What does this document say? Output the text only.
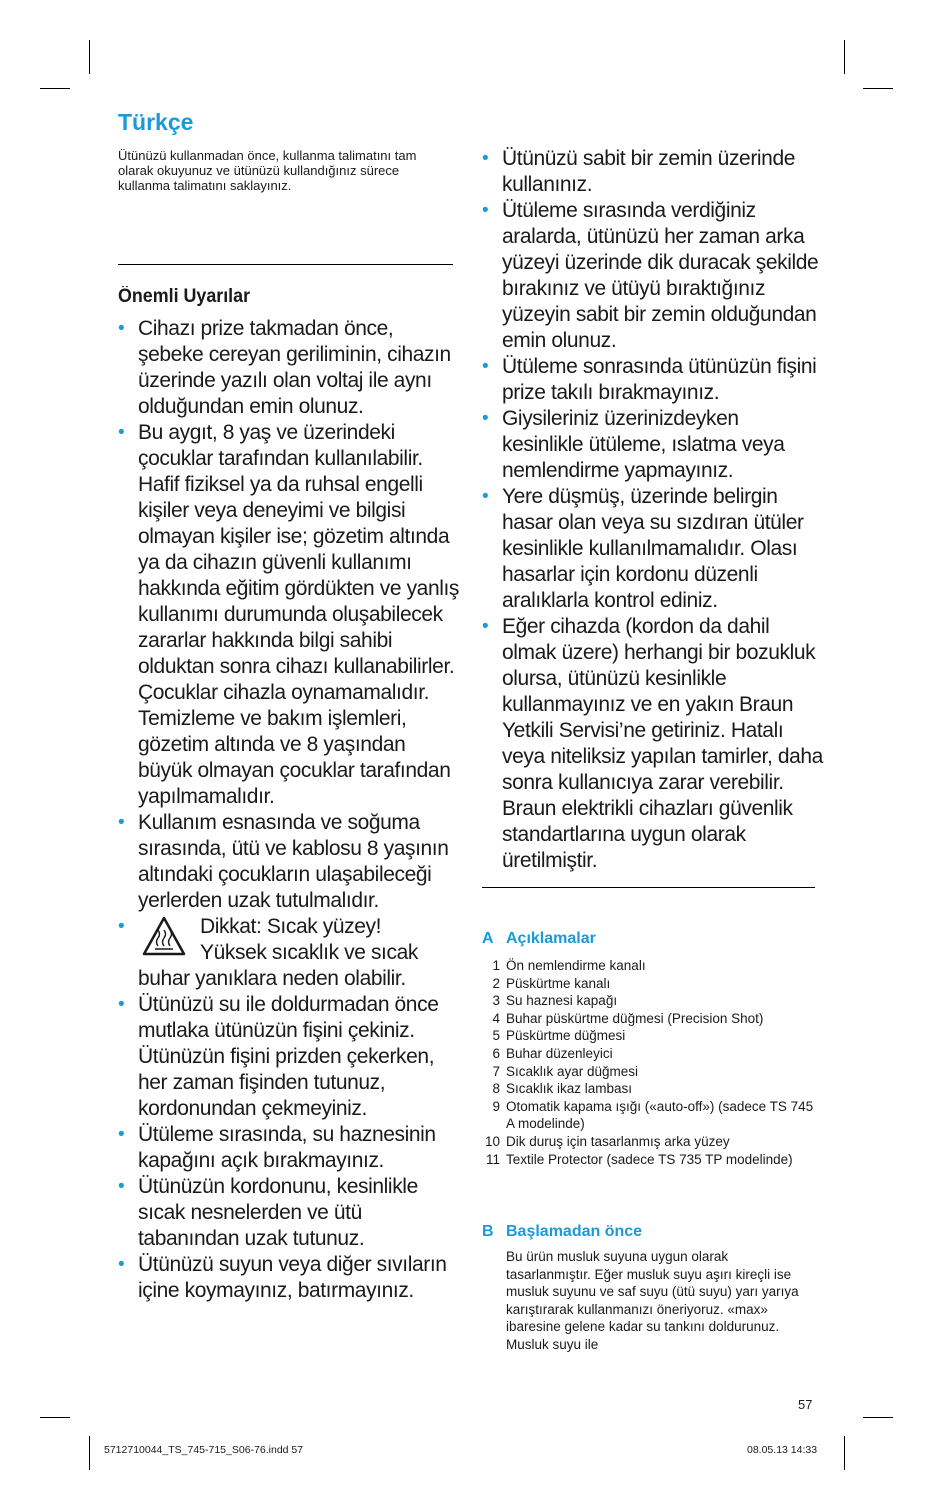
Türkçe

Ütünüzü kullanmadan önce, kullanma talimatını tam olarak okuyunuz ve ütünüzü kullandığınız sürece kullanma talimatını saklayınız.

Önemli Uyarılar
• Cihazı prize takmadan önce, şebeke cereyan geriliminin, cihazın üzerinde yazılı olan voltaj ile aynı olduğundan emin olunuz.
• Bu aygıt, 8 yaş ve üzerindeki çocuklar tarafından kullanılabilir. Hafif fiziksel ya da ruhsal engelli kişiler veya deneyimi ve bilgisi olmayan kişiler ise; gözetim altında ya da cihazın güvenli kullanımı hakkında eğitim gördükten ve yanlış kullanımı durumunda oluşabilecek zararlar hakkında bilgi sahibi olduktan sonra cihazı kullanabilirler. Çocuklar cihazla oynamamalıdır. Temizleme ve bakım işlemleri, gözetim altında ve 8 yaşından büyük olmayan çocuklar tarafından yapılmamalıdır.
• Kullanım esnasında ve soğuma sırasında, ütü ve kablosu 8 yaşının altındaki çocukların ulaşabileceği yerlerden uzak tutulmalıdır.
•	Dikkat: Sıcak yüzey!
Yüksek sıcaklık ve sıcak
buhar yanıklara neden olabilir.
• Ütünüzü su ile doldurmadan önce mutlaka ütünüzün fişini çekiniz. Ütünüzün fişini prizden çekerken, her zaman fişinden tutunuz, kordonundan çekmeyiniz.
• Ütüleme sırasında, su haznesinin kapağını açık bırakmayınız.
• Ütünüzün kordonunu, kesinlikle sıcak nesnelerden ve ütü tabanından uzak tutunuz.
• Ütünüzü suyun veya diğer sıvıların içine koymayınız, batırmayınız.
• Ütünüzü sabit bir zemin üzerinde kullanınız.
• Ütüleme sırasında verdiğiniz aralarda, ütünüzü her zaman arka yüzeyi üzerinde dik duracak şekilde bırakınız ve ütüyü bıraktığınız yüzeyin sabit bir zemin olduğundan emin olunuz.
• Ütüleme sonrasında ütünüzün fişini prize takılı bırakmayınız.
• Giysileriniz üzerinizdeyken kesinlikle ütüleme, ıslatma veya nemlendirme yapmayınız.
• Yere düşmüş, üzerinde belirgin hasar olan veya su sızdıran ütüler kesinlikle kullanılmamalıdır. Olası hasarlar için kordonu düzenli aralıklarla kontrol ediniz.
• Eğer cihazda (kordon da dahil olmak üzere) herhangi bir bozukluk olursa, ütünüzü kesinlikle kullanmayınız ve en yakın Braun Yetkili Servisi’ne getiriniz. Hatalı veya niteliksiz yapılan tamirler, daha sonra kullanıcıya zarar verebilir. Braun elektrikli cihazları güvenlik standartlarına uygun olarak üretilmiştir.
A Açıklamalar
1 Ön nemlendirme kanalı
2 Püskürtme kanalı
3 Su haznesi kapağı
4 Buhar püskürtme düğmesi (Precision Shot)
5 Püskürtme düğmesi
6 Buhar düzenleyici
7 Sıcaklık ayar düğmesi
8 Sıcaklık ikaz lambası
9 Otomatik kapama ışığı («auto-off») (sadece TS 745 A modelinde)
10 Dik duruş için tasarlanmış arka yüzey
11 Textile Protector (sadece TS 735 TP modelinde)
B Başlamadan önce

Bu ürün musluk suyuna uygun olarak tasarlanmıştır. Eğer musluk suyu aşırı kireçli ise musluk suyunu ve saf suyu (ütü suyu) yarı yarıya karıştırarak kullanmanızı öneriyoruz. «max» ibaresine gelene kadar su tankını doldurunuz. Musluk suyu ile

57
5712710044_TS_745-715_S06-76.indd 57	08.05.13 14:33
